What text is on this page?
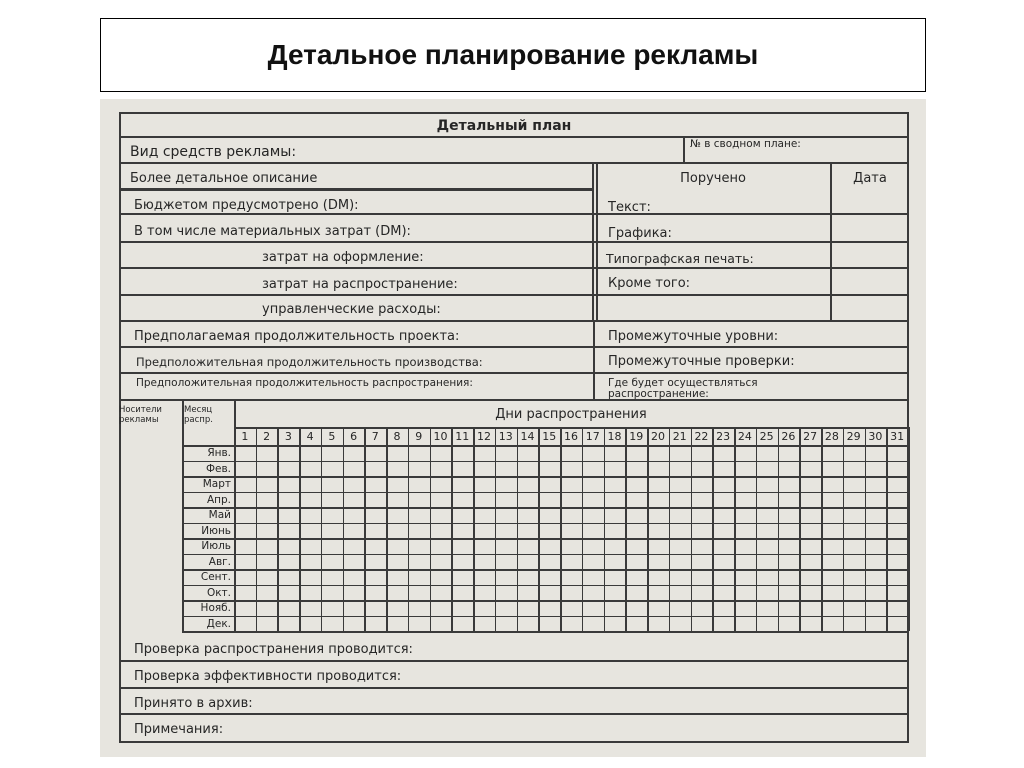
Детальное планирование рекламы
Детальный план
Вид средств рекламы:	№ в сводном плане:
Более детальное описание	Поручено	Дата
Бюджетом предусмотрено (DM):	Текст:
В том числе материальных затрат (DM):	Графика:
затрат на оформление:	Типографская печать:
затрат на распространение:	Кроме того:
управленческие расходы:
Предполагаемая продолжительность проекта:	Промежуточные уровни:
Предположительная продолжительность производства:	Промежуточные проверки:
Предположительная продолжительность распространения:	Где будет осуществляться распространение:
Носители рекламы
Месяц распр.	Дни распространения
1	2	3	4	5	6	7	8	9	10 11 12 13 14 15 16 17 18 19 20 21 22 23 24 25 26 27 28 29 30 31
Янв.
Фев.
Март
Апр.
Май
Июнь
Июль
Авг.
Сент.
Окт.
Нояб.
Дек.
Проверка распространения проводится:
Проверка эффективности проводится:
Принято в архив:
Примечания:
